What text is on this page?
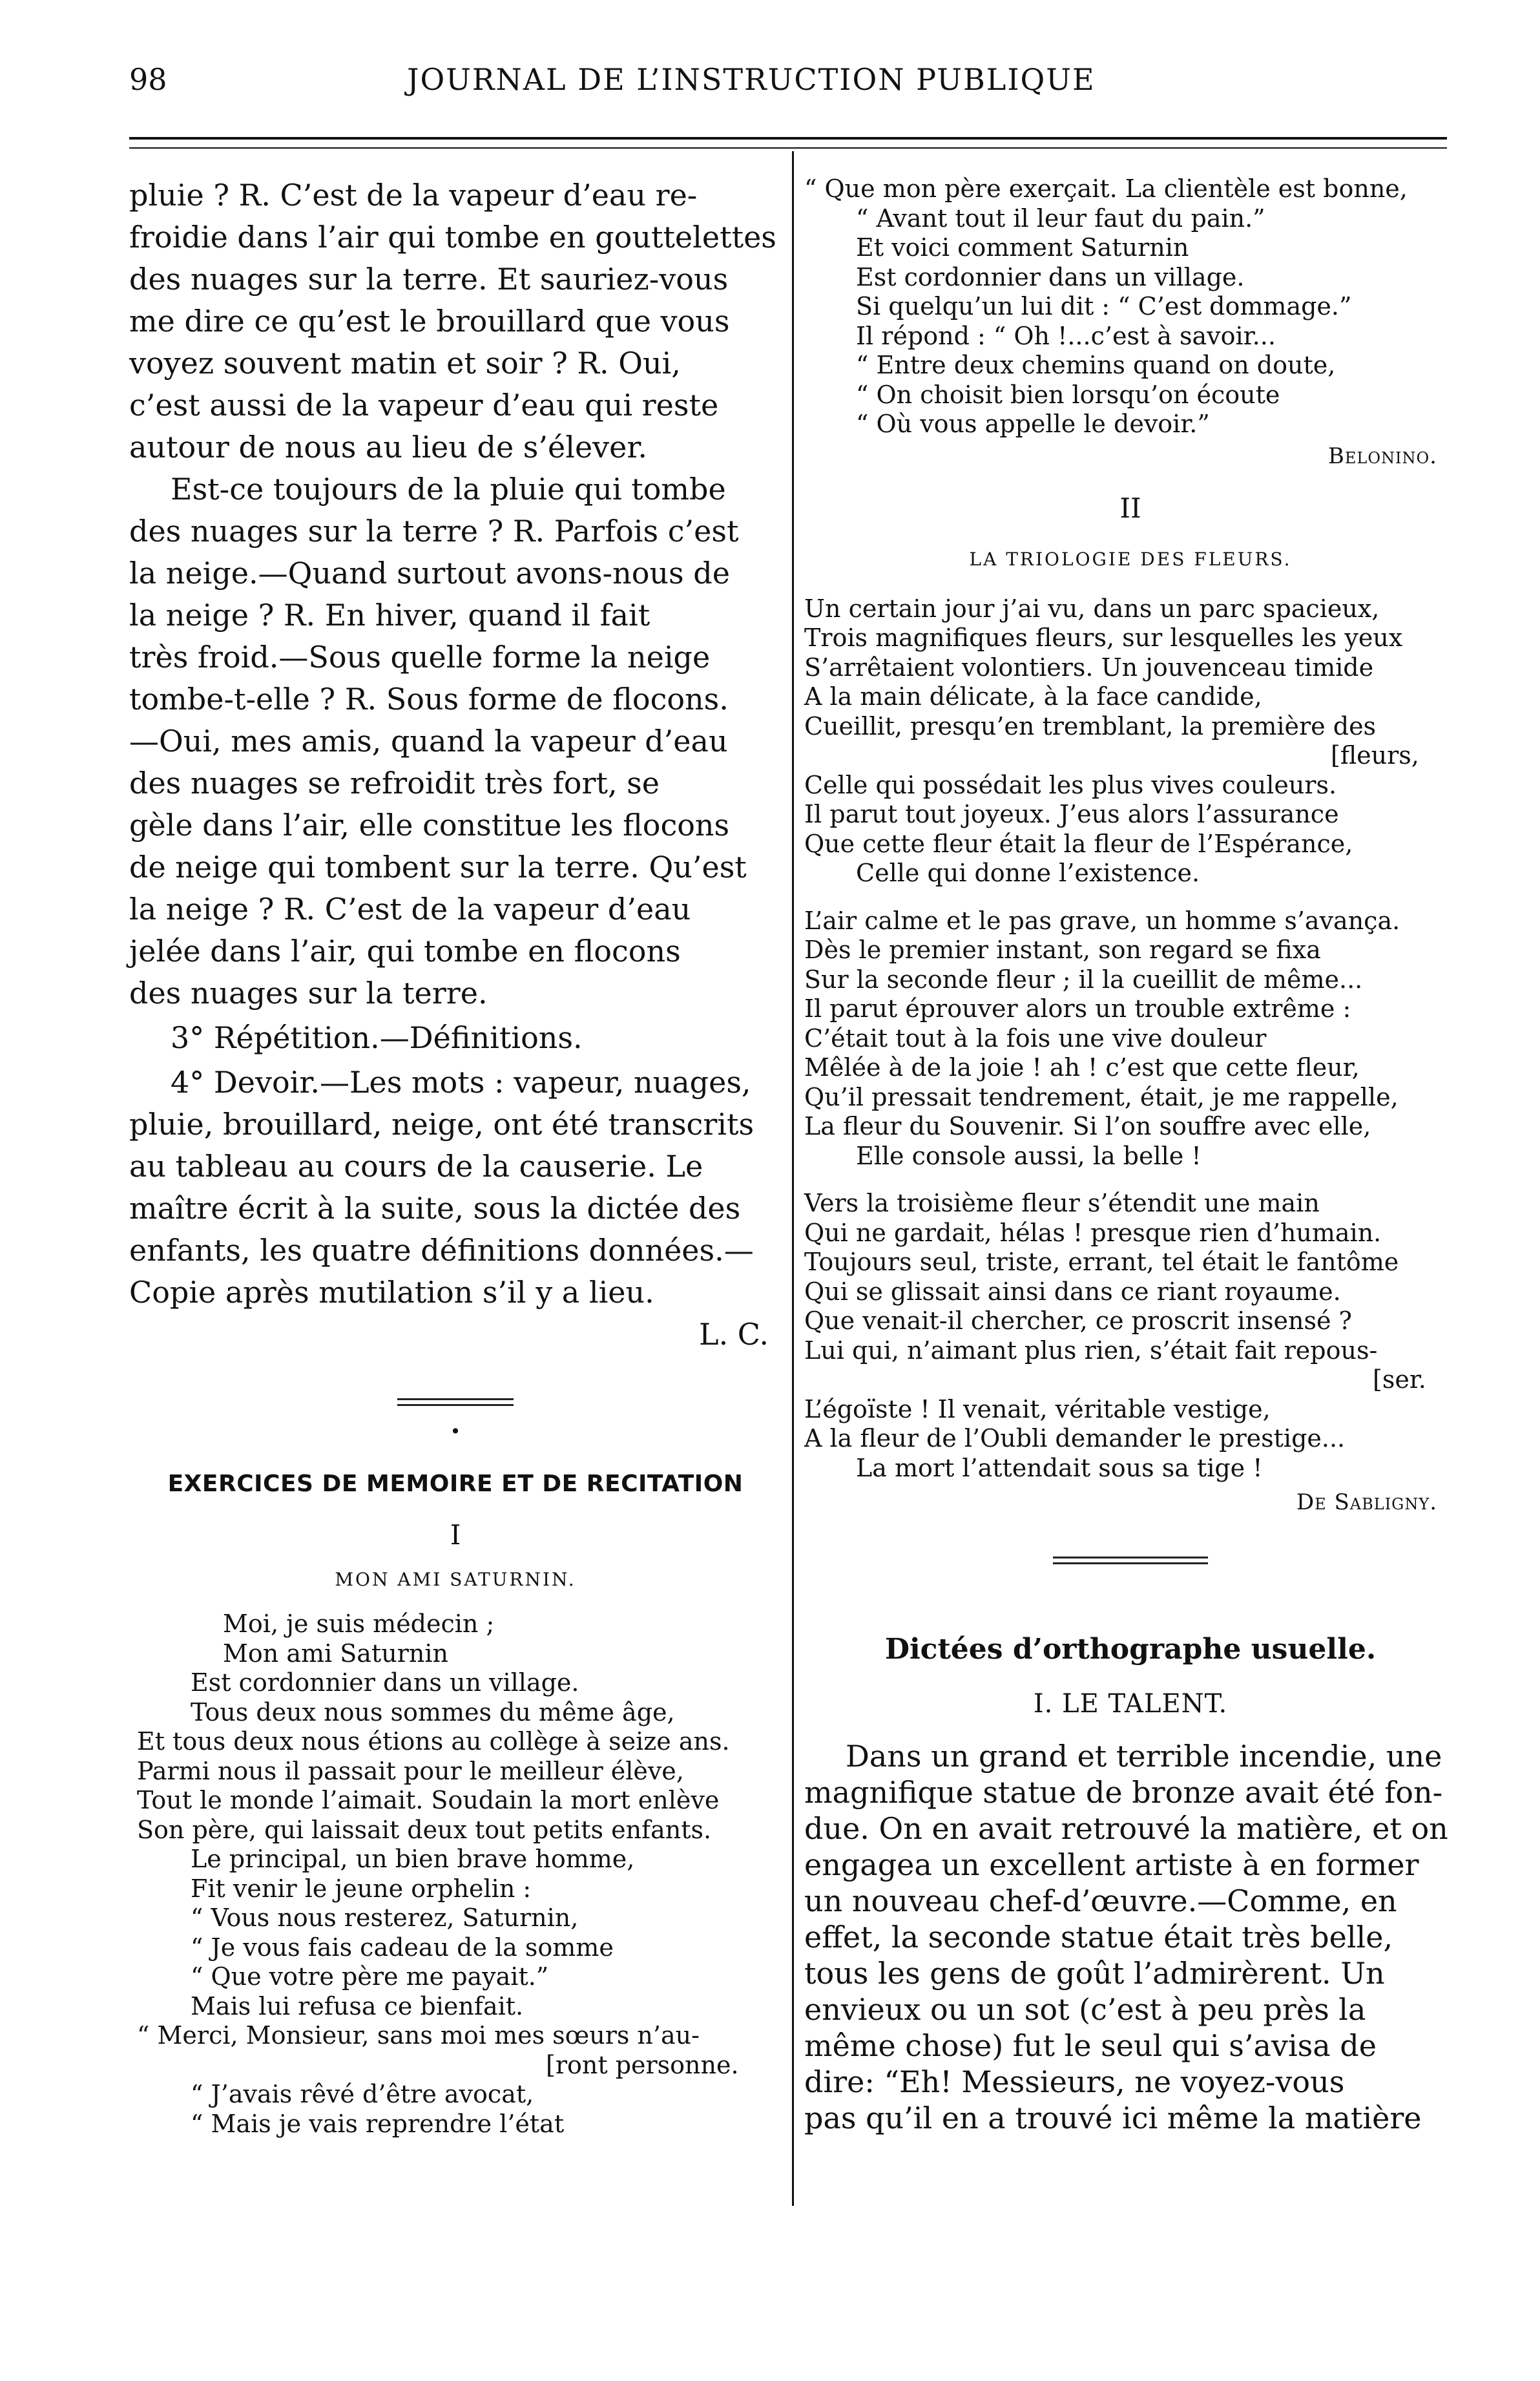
98	JOURNAL DE L’INSTRUCTION PUBLIQUE
pluie ? R. C’est de la vapeur d’eau re-
froidie dans l’air qui tombe en gouttelettes
des nuages sur la terre. Et sauriez-vous
me dire ce qu’est le brouillard que vous
voyez souvent matin et soir ? R. Oui,
c’est aussi de la vapeur d’eau qui reste
autour de nous au lieu de s’élever.
Est-ce toujours de la pluie qui tombe
des nuages sur la terre ? R. Parfois c’est
la neige.—Quand surtout avons-nous de
la neige ? R. En hiver, quand il fait
très froid.—Sous quelle forme la neige
tombe-t-elle ? R. Sous forme de flocons.
—Oui, mes amis, quand la vapeur d’eau
des nuages se refroidit très fort, se
gèle dans l’air, elle constitue les flocons
de neige qui tombent sur la terre. Qu’est
la neige ? R. C’est de la vapeur d’eau
jelée dans l’air, qui tombe en flocons
des nuages sur la terre.
3° Répétition.—Définitions.
4° Devoir.—Les mots : vapeur, nuages,
pluie, brouillard, neige, ont été transcrits
au tableau au cours de la causerie. Le
maître écrit à la suite, sous la dictée des
enfants, les quatre définitions données.—
Copie après mutilation s’il y a lieu.
L. C.
•
EXERCICES DE MEMOIRE ET DE RECITATION
I
MON AMI SATURNIN.
Moi, je suis médecin ;
Mon ami Saturnin
Est cordonnier dans un village.
Tous deux nous sommes du même âge,
Et tous deux nous étions au collège à seize ans.
Parmi nous il passait pour le meilleur élève,
Tout le monde l’aimait. Soudain la mort enlève
Son père, qui laissait deux tout petits enfants.
Le principal, un bien brave homme,
Fit venir le jeune orphelin :
“ Vous nous resterez, Saturnin,
“ Je vous fais cadeau de la somme
“ Que votre père me payait.”
Mais lui refusa ce bienfait.
“ Merci, Monsieur, sans moi mes sœurs n’au-
[ront personne.
“ J’avais rêvé d’être avocat,
“ Mais je vais reprendre l’état
“ Que mon père exerçait. La clientèle est bonne,
“ Avant tout il leur faut du pain.”
Et voici comment Saturnin
Est cordonnier dans un village.
Si quelqu’un lui dit : “ C’est dommage.”
Il répond : “ Oh !...c’est à savoir...
“ Entre deux chemins quand on doute,
“ On choisit bien lorsqu’on écoute
“ Où vous appelle le devoir.”
Belonino.
II
LA TRIOLOGIE DES FLEURS.
Un certain jour j’ai vu, dans un parc spacieux,
Trois magnifiques fleurs, sur lesquelles les yeux
S’arrêtaient volontiers. Un jouvenceau timide
A la main délicate, à la face candide,
Cueillit, presqu’en tremblant, la première des
[fleurs,
Celle qui possédait les plus vives couleurs.
Il parut tout joyeux. J’eus alors l’assurance
Que cette fleur était la fleur de l’Espérance,
Celle qui donne l’existence.
L’air calme et le pas grave, un homme s’avança.
Dès le premier instant, son regard se fixa
Sur la seconde fleur ; il la cueillit de même...
Il parut éprouver alors un trouble extrême :
C’était tout à la fois une vive douleur
Mêlée à de la joie ! ah ! c’est que cette fleur,
Qu’il pressait tendrement, était, je me rappelle,
La fleur du Souvenir. Si l’on souffre avec elle,
Elle console aussi, la belle !
Vers la troisième fleur s’étendit une main
Qui ne gardait, hélas ! presque rien d’humain.
Toujours seul, triste, errant, tel était le fantôme
Qui se glissait ainsi dans ce riant royaume.
Que venait-il chercher, ce proscrit insensé ?
Lui qui, n’aimant plus rien, s’était fait repous-
[ser.
L’égoïste ! Il venait, véritable vestige,
A la fleur de l’Oubli demander le prestige...
La mort l’attendait sous sa tige !
De Sabligny.
Dictées d’orthographe usuelle.
I. LE TALENT.
Dans un grand et terrible incendie, une
magnifique statue de bronze avait été fon-
due. On en avait retrouvé la matière, et on
engagea un excellent artiste à en former
un nouveau chef-d’œuvre.—Comme, en
effet, la seconde statue était très belle,
tous les gens de goût l’admirèrent. Un
envieux ou un sot (c’est à peu près la
même chose) fut le seul qui s’avisa de
dire: “Eh! Messieurs, ne voyez-vous
pas qu’il en a trouvé ici même la matière
